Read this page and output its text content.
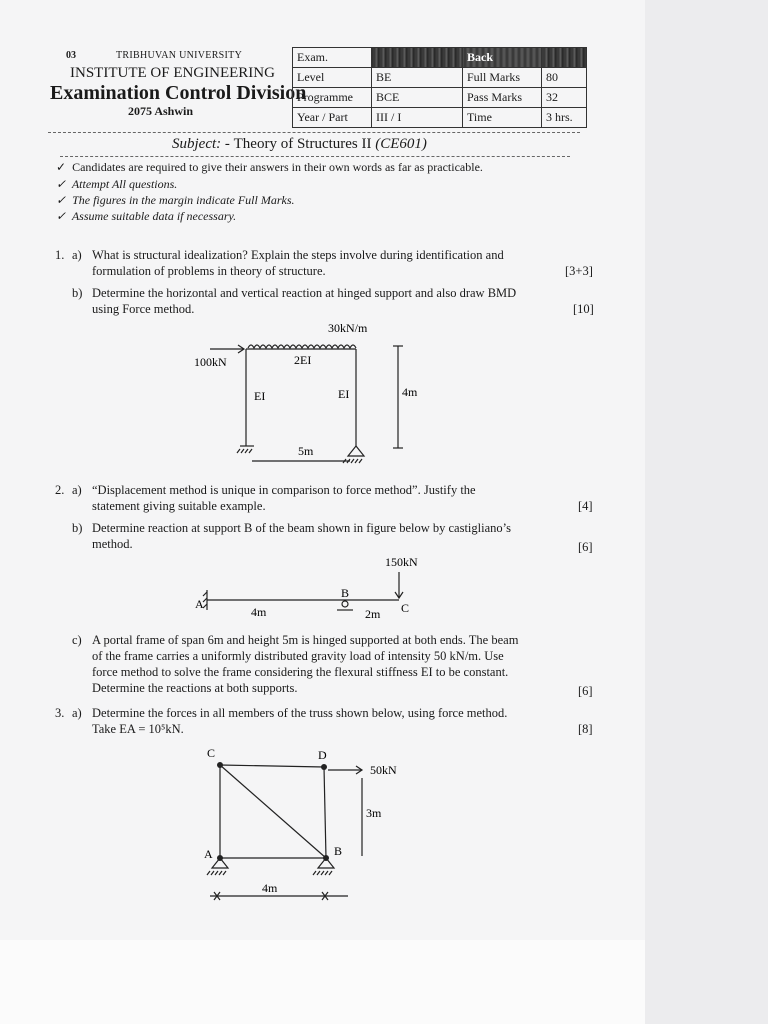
03	TRIBHUVAN UNIVERSITY
INSTITUTE OF ENGINEERING
Examination Control Division
2075 Ashwin
Exam.		Back	
Level	BE	Full Marks	80
Programme	BCE	Pass Marks	32
Year / Part	III / I	Time	3 hrs.
Subject: - Theory of Structures II (CE601)
✓  Candidates are required to give their answers in their own words as far as practicable.
✓  Attempt All questions.
✓  The figures in the margin indicate Full Marks.
✓  Assume suitable data if necessary.
1. a) What is structural idealization? Explain the steps involve during identification and
formulation of problems in theory of structure.	[3+3]
b) Determine the horizontal and vertical reaction at hinged support and also draw BMD
using Force method.	[10]
30kN/m
100kN	2EI
EI	EI	4m
5m
2. a) “Displacement method is unique in comparison to force method”. Justify the
statement giving suitable example.	[4]
b) Determine reaction at support B of the beam shown in figure below by castigliano’s
method.	[6]
150kN
A
B
C
4m	2m
c) A portal frame of span 6m and height 5m is hinged supported at both ends. The beam
of the frame carries a uniformly distributed gravity load of intensity 50 kN/m. Use
force method to solve the frame considering the flexural stiffness EI to be constant.
Determine the reactions at both supports.	[6]
3. a) Determine the forces in all members of the truss shown below, using force method.
Take EA = 10⁵kN.	[8]
C	D
A	B
50kN
3m
4m
